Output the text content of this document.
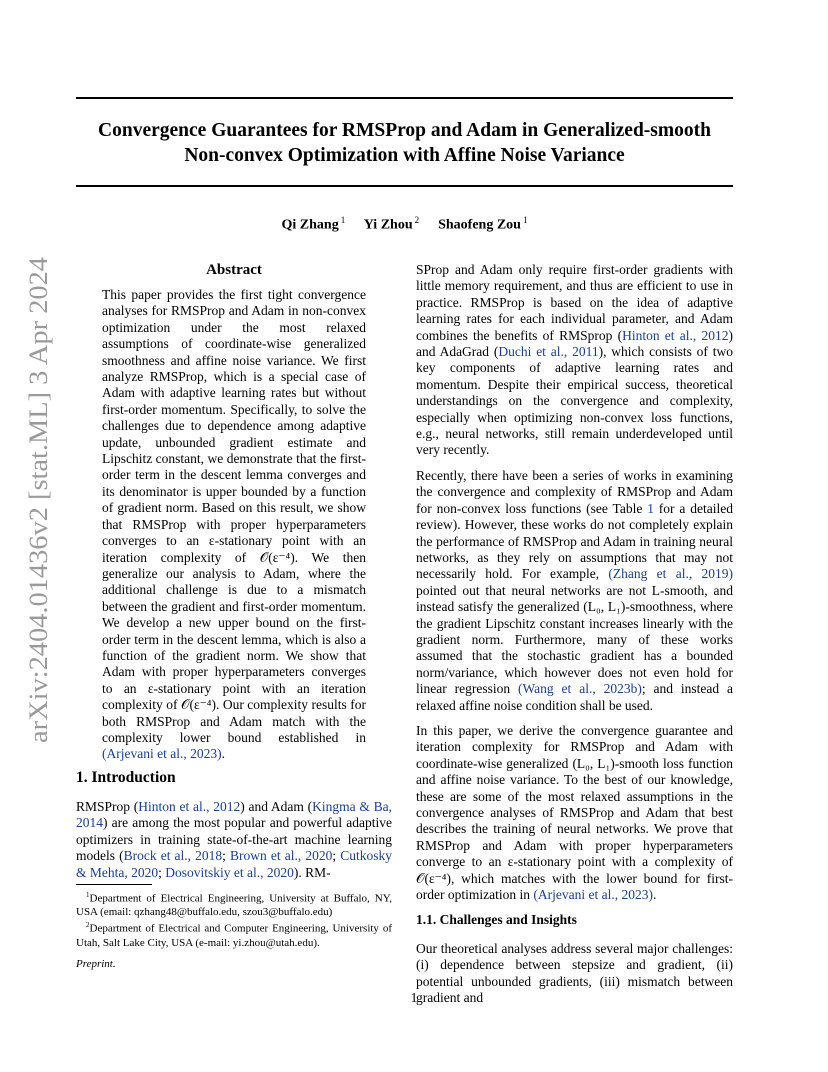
Convergence Guarantees for RMSProp and Adam in Generalized-smooth
Non-convex Optimization with Affine Noise Variance
Qi Zhang $^1$ Yi Zhou $^2$ Shaofeng Zou $^1$
arXiv:2404.01436v2 [stat.ML] 3 Apr 2024
Abstract
This paper provides the first tight convergence analyses for RMSProp and Adam in non-convex optimization under the most relaxed assumptions of coordinate-wise generalized smoothness and affine noise variance. We first analyze RMSProp, which is a special case of Adam with adaptive learning rates but without first-order momentum. Specifically, to solve the challenges due to dependence among adaptive update, unbounded gradient estimate and Lipschitz constant, we demonstrate that the first-order term in the descent lemma converges and its denominator is upper bounded by a function of gradient norm. Based on this result, we show that RMSProp with proper hyperparameters converges to an ε-stationary point with an iteration complexity of 𝒪(ε⁻⁴). We then generalize our analysis to Adam, where the additional challenge is due to a mismatch between the gradient and first-order momentum. We develop a new upper bound on the first-order term in the descent lemma, which is also a function of the gradient norm. We show that Adam with proper hyperparameters converges to an ε-stationary point with an iteration complexity of 𝒪(ε⁻⁴). Our complexity results for both RMSProp and Adam match with the complexity lower bound established in (Arjevani et al., 2023).
1. Introduction
RMSProp (Hinton et al., 2012) and Adam (Kingma & Ba, 2014) are among the most popular and powerful adaptive optimizers in training state-of-the-art machine learning models (Brock et al., 2018; Brown et al., 2020; Cutkosky & Mehta, 2020; Dosovitskiy et al., 2020). RM-
$^1$Department of Electrical Engineering, University at Buffalo, NY, USA (email: qzhang48@buffalo.edu, szou3@buffalo.edu)
$^2$Department of Electrical and Computer Engineering, University of Utah, Salt Lake City, USA (e-mail: yi.zhou@utah.edu).
Preprint.

SProp and Adam only require first-order gradients with little memory requirement, and thus are efficient to use in practice. RMSProp is based on the idea of adaptive learning rates for each individual parameter, and Adam combines the benefits of RMSprop (Hinton et al., 2012) and AdaGrad (Duchi et al., 2011), which consists of two key components of adaptive learning rates and momentum. Despite their empirical success, theoretical understandings on the convergence and complexity, especially when optimizing non-convex loss functions, e.g., neural networks, still remain underdeveloped until very recently.

Recently, there have been a series of works in examining the convergence and complexity of RMSProp and Adam for non-convex loss functions (see Table 1 for a detailed review). However, these works do not completely explain the performance of RMSProp and Adam in training neural networks, as they rely on assumptions that may not necessarily hold. For example, (Zhang et al., 2019) pointed out that neural networks are not L-smooth, and instead satisfy the generalized (L₀, L₁)-smoothness, where the gradient Lipschitz constant increases linearly with the gradient norm. Furthermore, many of these works assumed that the stochastic gradient has a bounded norm/variance, which however does not even hold for linear regression (Wang et al., 2023b); and instead a relaxed affine noise condition shall be used.

In this paper, we derive the convergence guarantee and iteration complexity for RMSProp and Adam with coordinate-wise generalized (L₀, L₁)-smooth loss function and affine noise variance. To the best of our knowledge, these are some of the most relaxed assumptions in the convergence analyses of RMSProp and Adam that best describes the training of neural networks. We prove that RMSProp and Adam with proper hyperparameters converge to an ε-stationary point with a complexity of 𝒪(ε⁻⁴), which matches with the lower bound for first-order optimization in (Arjevani et al., 2023).

1.1. Challenges and Insights

Our theoretical analyses address several major challenges: (i) dependence between stepsize and gradient, (ii) potential unbounded gradients, (iii) mismatch between gradient and

1
